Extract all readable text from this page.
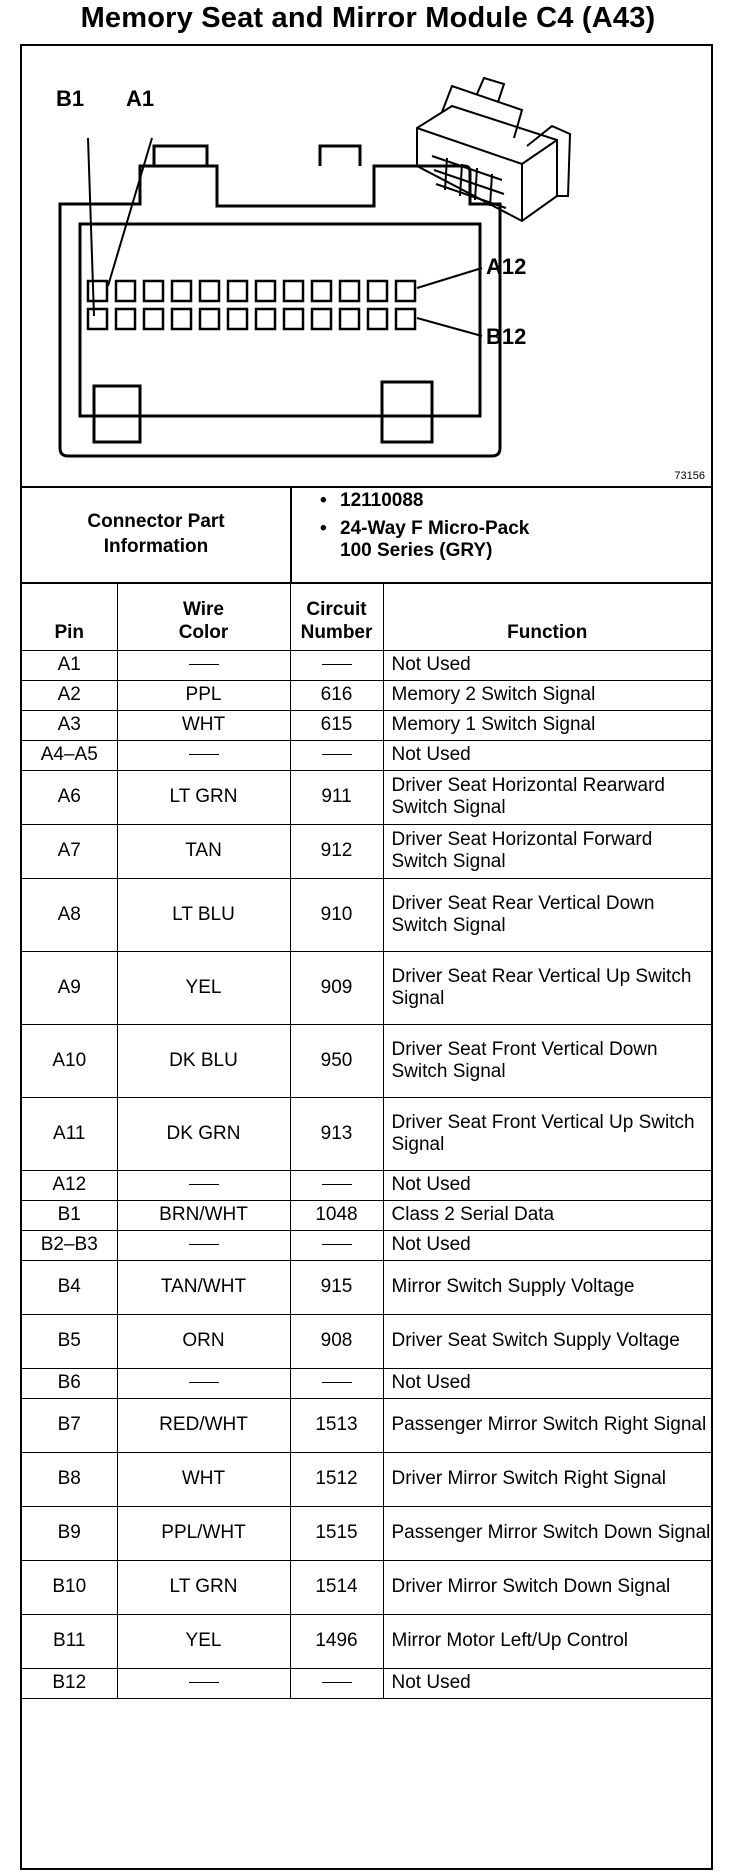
Memory Seat and Mirror Module C4 (A43)
B1 A1
A12
B12
73156
Connector Part Information
• 12110088
• 24-Way F Micro-Pack
100 Series (GRY)
Pin	Wire Color	Circuit Number	Function
A1			Not Used
A2	PPL	616	Memory 2 Switch Signal
A3	WHT	615	Memory 1 Switch Signal
A4–A5			Not Used
A6	LT GRN	911	Driver Seat Horizontal Rearward Switch Signal
A7	TAN	912	Driver Seat Horizontal Forward Switch Signal
A8	LT BLU	910	Driver Seat Rear Vertical Down Switch Signal
A9	YEL	909	Driver Seat Rear Vertical Up Switch Signal
A10	DK BLU	950	Driver Seat Front Vertical Down Switch Signal
A11	DK GRN	913	Driver Seat Front Vertical Up Switch Signal
A12			Not Used
B1	BRN/WHT	1048	Class 2 Serial Data
B2–B3			Not Used
B4	TAN/WHT	915	Mirror Switch Supply Voltage
B5	ORN	908	Driver Seat Switch Supply Voltage
B6			Not Used
B7	RED/WHT	1513	Passenger Mirror Switch Right Signal
B8	WHT	1512	Driver Mirror Switch Right Signal
B9	PPL/WHT	1515	Passenger Mirror Switch Down Signal
B10	LT GRN	1514	Driver Mirror Switch Down Signal
B11	YEL	1496	Mirror Motor Left/Up Control
B12			Not Used
